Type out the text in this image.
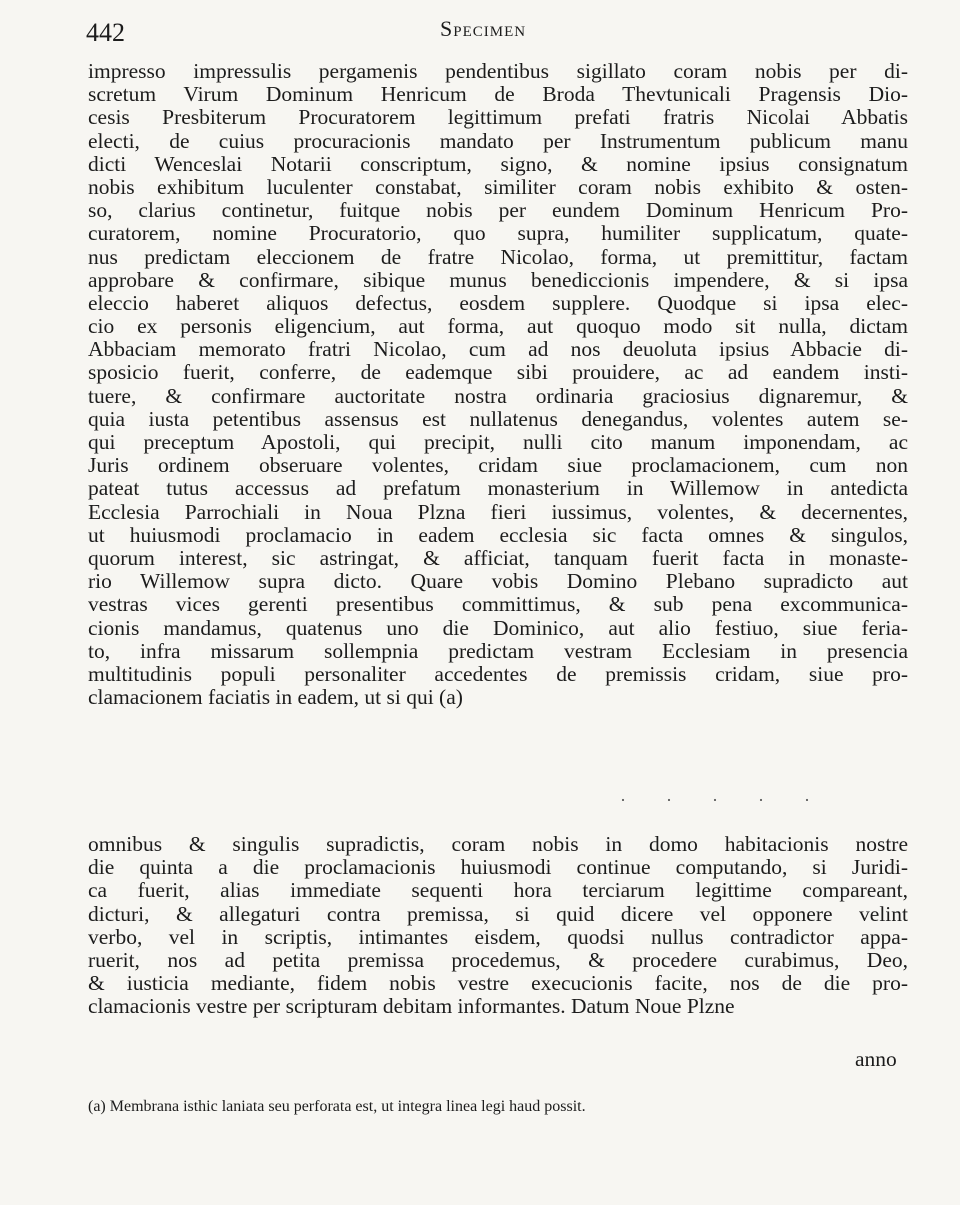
442	Specimen
impresso impressulis pergamenis pendentibus sigillato coram nobis per di-
scretum Virum Dominum Henricum de Broda Thevtunicali Pragensis Dio-
cesis Presbiterum Procuratorem legittimum prefati fratris Nicolai Abbatis
electi, de cuius procuracionis mandato per Instrumentum publicum manu
dicti Wenceslai Notarii conscriptum, signo, & nomine ipsius consignatum
nobis exhibitum luculenter constabat, similiter coram nobis exhibito & osten-
so, clarius continetur, fuitque nobis per eundem Dominum Henricum Pro-
curatorem, nomine Procuratorio, quo supra, humiliter supplicatum, quate-
nus predictam eleccionem de fratre Nicolao, forma, ut premittitur, factam
approbare & confirmare, sibique munus benediccionis impendere, & si ipsa
eleccio haberet aliquos defectus, eosdem supplere. Quodque si ipsa elec-
cio ex personis eligencium, aut forma, aut quoquo modo sit nulla, dictam
Abbaciam memorato fratri Nicolao, cum ad nos deuoluta ipsius Abbacie di-
sposicio fuerit, conferre, de eademque sibi prouidere, ac ad eandem insti-
tuere, & confirmare auctoritate nostra ordinaria graciosius dignaremur, &
quia iusta petentibus assensus est nullatenus denegandus, volentes autem se-
qui preceptum Apostoli, qui precipit, nulli cito manum imponendam, ac
Juris ordinem obseruare volentes, cridam siue proclamacionem, cum non
pateat tutus accessus ad prefatum monasterium in Willemow in antedicta
Ecclesia Parrochiali in Noua Plzna fieri iussimus, volentes, & decernentes,
ut huiusmodi proclamacio in eadem ecclesia sic facta omnes & singulos,
quorum interest, sic astringat, & afficiat, tanquam fuerit facta in monaste-
rio Willemow supra dicto. Quare vobis Domino Plebano supradicto aut
vestras vices gerenti presentibus committimus, & sub pena excommunica-
cionis mandamus, quatenus uno die Dominico, aut alio festiuo, siue feria-
to, infra missarum sollempnia predictam vestram Ecclesiam in presencia
multitudinis populi personaliter accedentes de premissis cridam, siue pro-
clamacionem faciatis in eadem, ut si qui (a)
·····
omnibus & singulis supradictis, coram nobis in domo habitacionis nostre
die quinta a die proclamacionis huiusmodi continue computando, si Juridi-
ca fuerit, alias immediate sequenti hora terciarum legittime compareant,
dicturi, & allegaturi contra premissa, si quid dicere vel opponere velint
verbo, vel in scriptis, intimantes eisdem, quodsi nullus contradictor appa-
ruerit, nos ad petita premissa procedemus, & procedere curabimus, Deo,
& iusticia mediante, fidem nobis vestre execucionis facite, nos de die pro-
clamacionis vestre per scripturam debitam informantes. Datum Noue Plzne
anno
(a) Membrana isthic laniata seu perforata est, ut integra linea legi haud possit.
